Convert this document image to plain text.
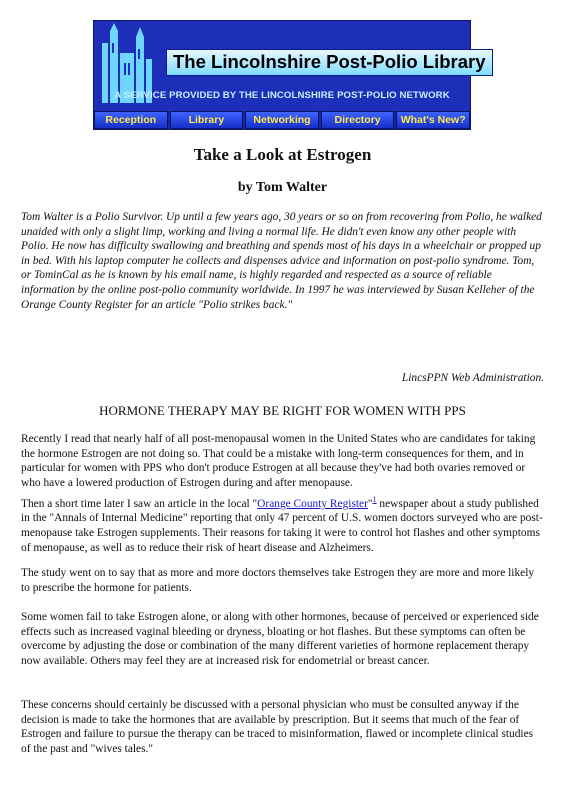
The Lincolnshire Post-Polio Library
A SERVICE PROVIDED BY THE LINCOLNSHIRE POST-POLIO NETWORK
Reception	Library	Networking	Directory	What's New?
Take a Look at Estrogen
by Tom Walter

Tom Walter is a Polio Survivor. Up until a few years ago, 30 years or so on from recovering from Polio, he walked unaided with only a slight limp, working and living a normal life. He didn't even know any other people with Polio. He now has difficulty swallowing and breathing and spends most of his days in a wheelchair or propped up in bed. With his laptop computer he collects and dispenses advice and information on post-polio syndrome. Tom, or TominCal as he is known by his email name, is highly regarded and respected as a source of reliable information by the online post-polio community worldwide. In 1997 he was interviewed by Susan Kelleher of the Orange County Register for an article "Polio strikes back."

LincsPPN Web Administration.
HORMONE THERAPY MAY BE RIGHT FOR WOMEN WITH PPS

Recently I read that nearly half of all post-menopausal women in the United States who are candidates for taking the hormone Estrogen are not doing so. That could be a mistake with long-term consequences for them, and in particular for women with PPS who don't produce Estrogen at all because they've had both ovaries removed or who have a lowered production of Estrogen during and after menopause.

Then a short time later I saw an article in the local "Orange County Register"$^1$ newspaper about a study published in the "Annals of Internal Medicine" reporting that only 47 percent of U.S. women doctors surveyed who are post-menopause take Estrogen supplements. Their reasons for taking it were to control hot flashes and other symptoms of menopause, as well as to reduce their risk of heart disease and Alzheimers.

The study went on to say that as more and more doctors themselves take Estrogen they are more and more likely to prescribe the hormone for patients.

Some women fail to take Estrogen alone, or along with other hormones, because of perceived or experienced side effects such as increased vaginal bleeding or dryness, bloating or hot flashes. But these symptoms can often be overcome by adjusting the dose or combination of the many different varieties of hormone replacement therapy now available. Others may feel they are at increased risk for endometrial or breast cancer.

These concerns should certainly be discussed with a personal physician who must be consulted anyway if the decision is made to take the hormones that are available by prescription. But it seems that much of the fear of Estrogen and failure to pursue the therapy can be traced to misinformation, flawed or incomplete clinical studies of the past and "wives tales."
